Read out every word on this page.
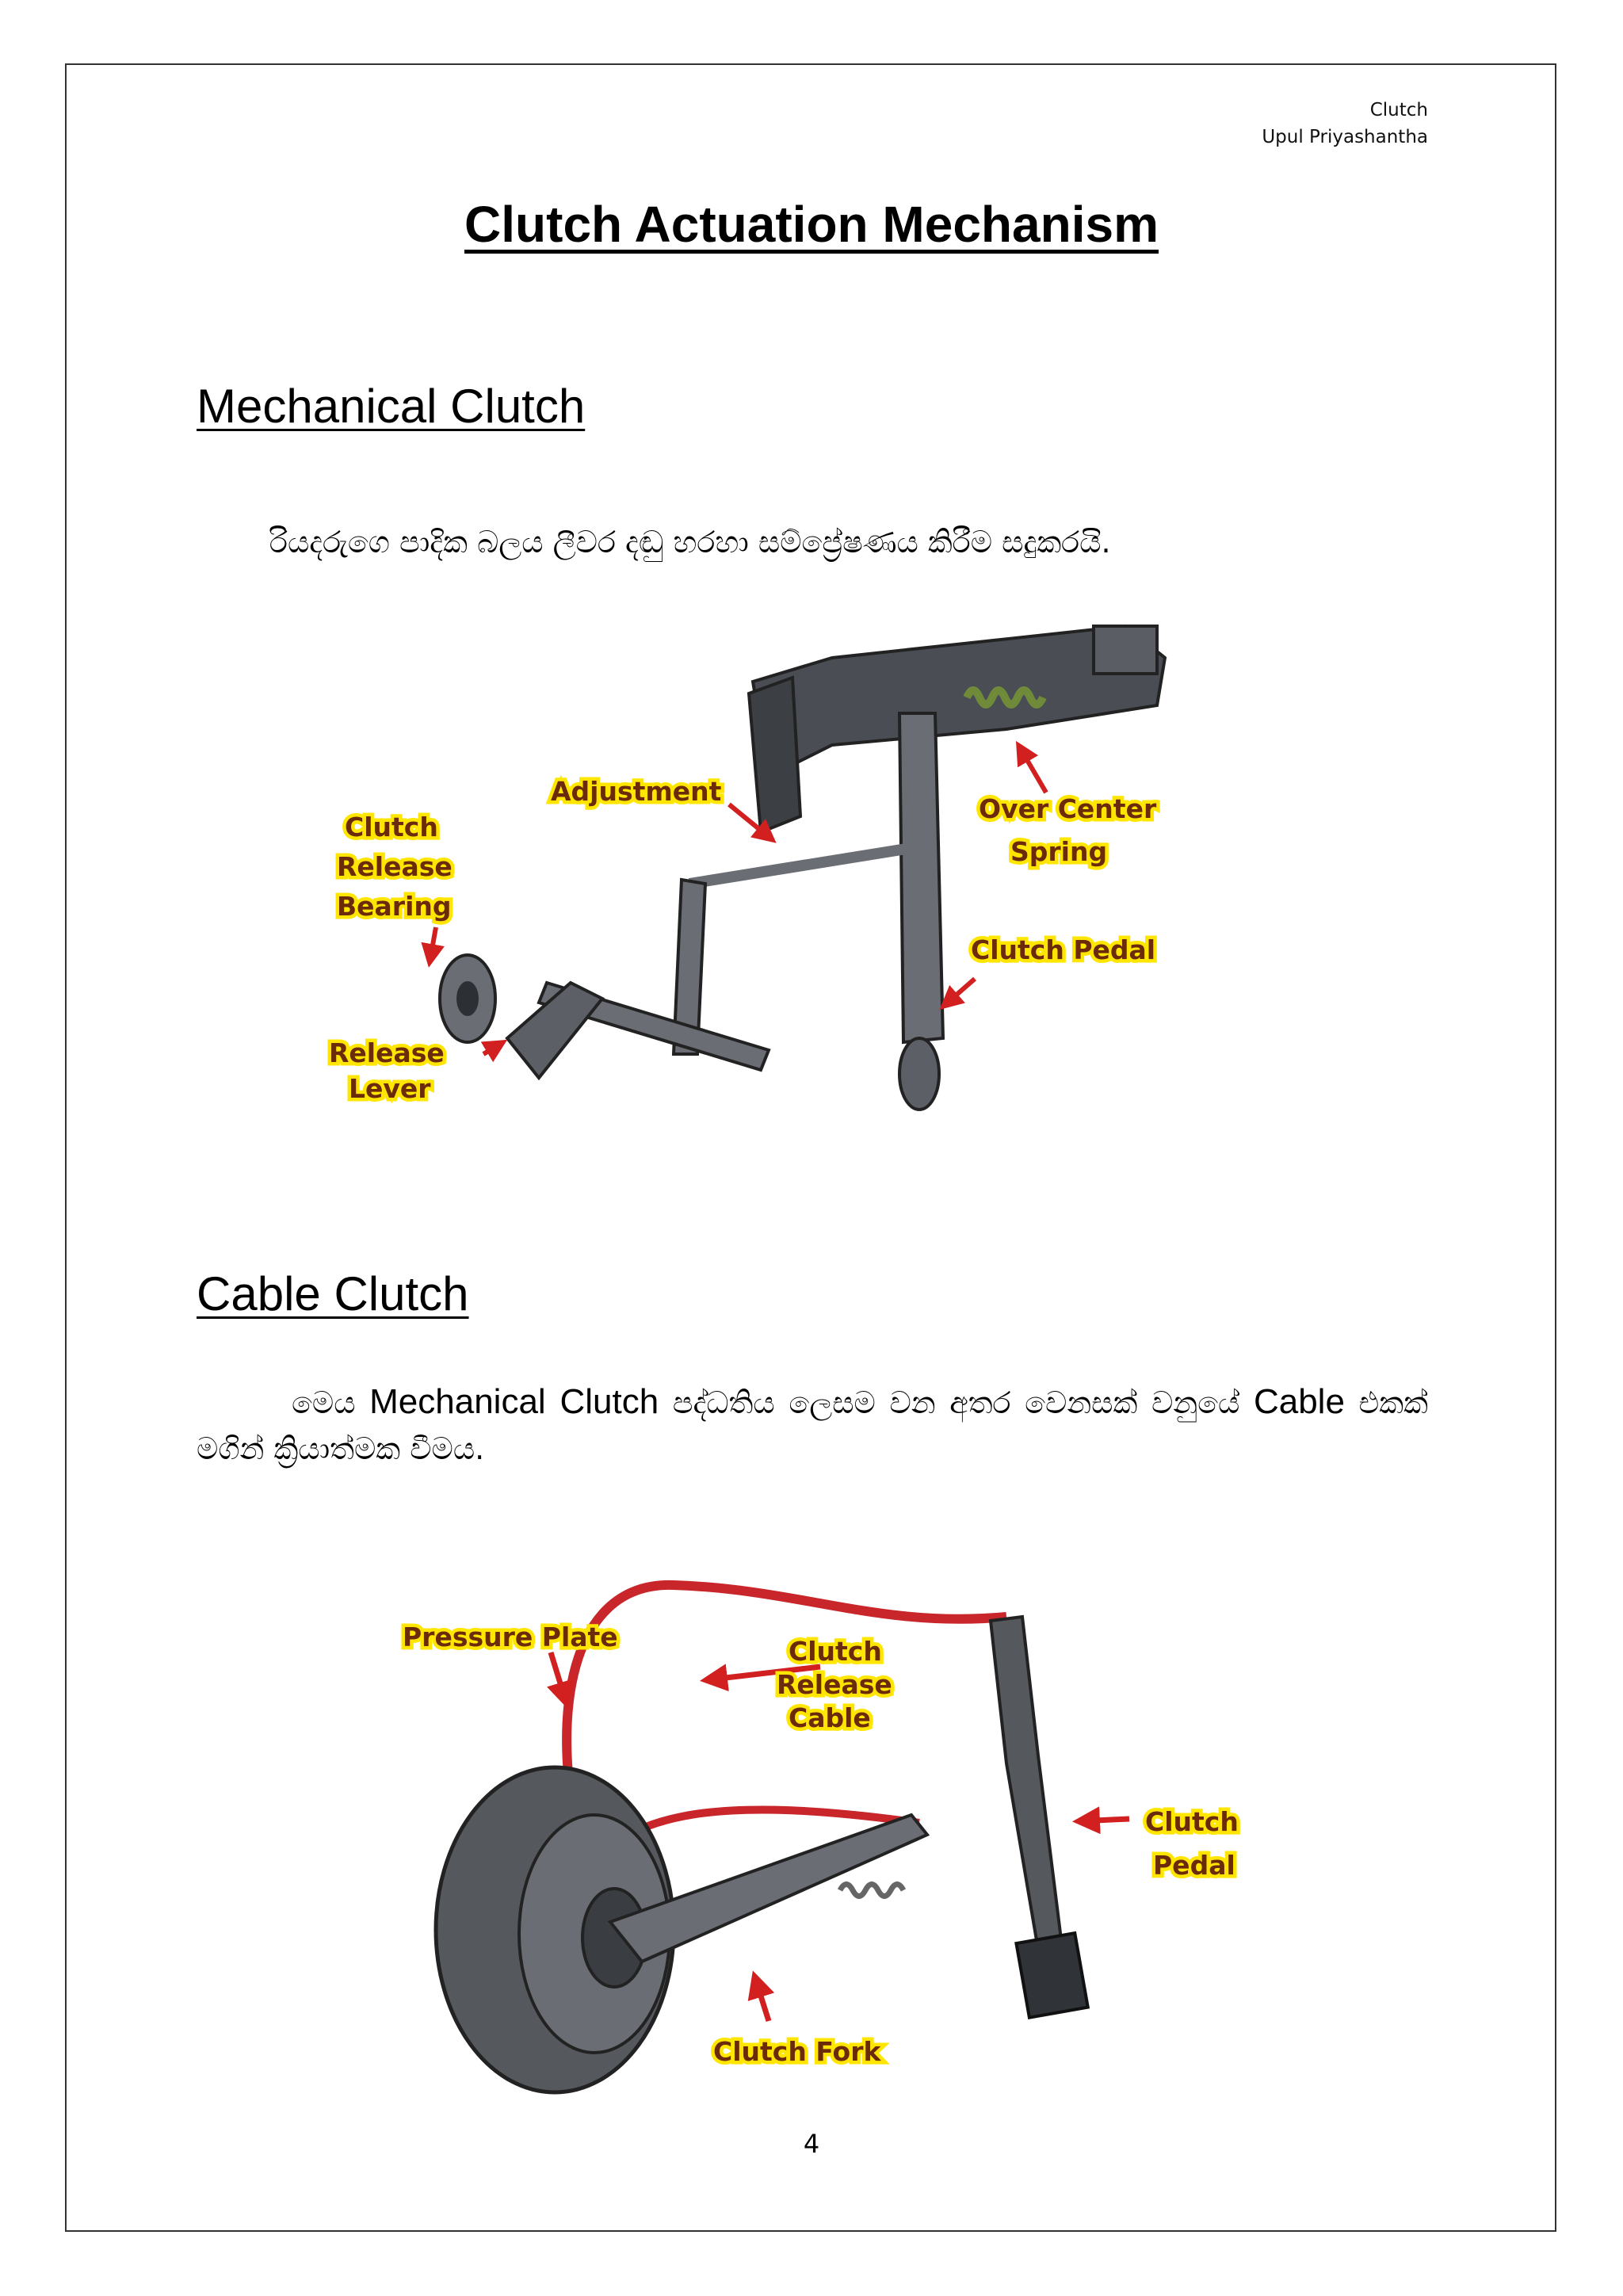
Clutch
Upul Priyashantha
Clutch Actuation Mechanism
Mechanical Clutch
රියදරුගෙ පාදික බලය ලීවර දඬු හරහා සම්ප්‍රේෂණය කිරීම සදුකරයි.
Adjustment
Over Center
Spring
Clutch
Release
Bearing
Clutch Pedal
Release
Lever
Cable Clutch
මෙය Mechanical Clutch පද්ධතිය ලෙසම වන අතර වෙනසක් වනුයේ Cable එකක් මගින් ක්‍රියාත්මක වීමය.
Pressure Plate	Clutch
Release
Cable
Clutch
Pedal
Clutch Fork
4
